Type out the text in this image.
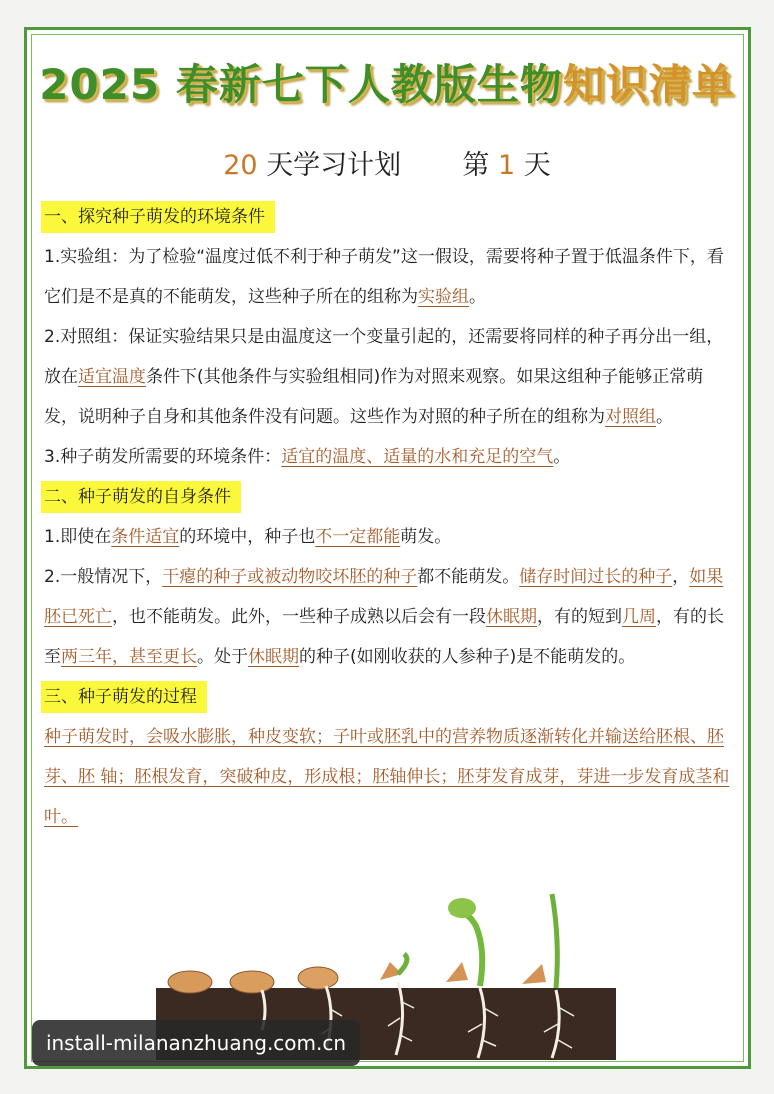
2025 春新七下人教版生物知识清单
20 天学习计划 第 1 天
一、探究种子萌发的环境条件

1.实验组：为了检验“温度过低不利于种子萌发”这一假设，需要将种子置于低温条件下，看它们是不是真的不能萌发，这些种子所在的组称为实验组。

2.对照组：保证实验结果只是由温度这一个变量引起的，还需要将同样的种子再分出一组，放在适宜温度条件下(其他条件与实验组相同)作为对照来观察。如果这组种子能够正常萌发，说明种子自身和其他条件没有问题。这些作为对照的种子所在的组称为对照组。

3.种子萌发所需要的环境条件：适宜的温度、适量的水和充足的空气。

二、种子萌发的自身条件

1.即使在条件适宜的环境中，种子也不一定都能萌发。

2.一般情况下，干瘪的种子或被动物咬坏胚的种子都不能萌发。储存时间过长的种子，如果胚已死亡，也不能萌发。此外，一些种子成熟以后会有一段休眠期，有的短到几周，有的长至两三年，甚至更长。处于休眠期的种子(如刚收获的人参种子)是不能萌发的。

三、种子萌发的过程

种子萌发时，会吸水膨胀，种皮变软；子叶或胚乳中的营养物质逐渐转化并输送给胚根、胚芽、胚 轴；胚根发育，突破种皮，形成根；胚轴伸长；胚芽发育成芽，芽进一步发育成茎和叶。

install-milananzhuang.com.cn
